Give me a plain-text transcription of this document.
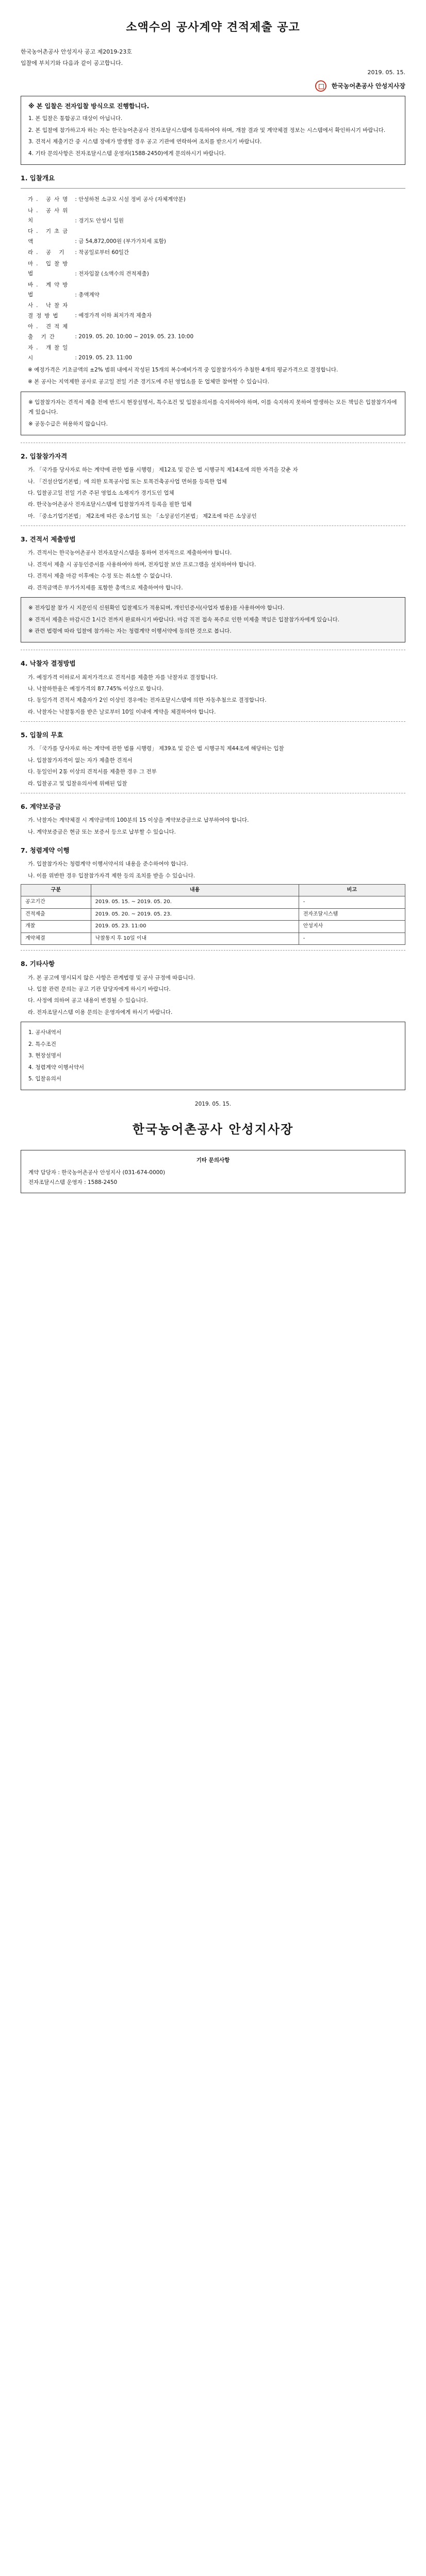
소액수의 공사계약 견적제출 공고

한국농어촌공사 안성지사 공고 제2019-23호

입찰에 부치기와 다음과 같이 공고합니다.

2019. 05. 15.
한국농어촌공사 안성지사장
※ 본 입찰은 전자입찰 방식으로 진행합니다.

1. 본 입찰은 통합공고 대상이 아닙니다.

2. 본 입찰에 참가하고자 하는 자는 한국농어촌공사 전자조달시스템에 등록하여야 하며, 개찰 결과 및 계약체결 정보는 시스템에서 확인하시기 바랍니다.

3. 견적서 제출기간 중 시스템 장애가 발생할 경우 공고 기관에 연락하여 조치를 받으시기 바랍니다.

4. 기타 문의사항은 전자조달시스템 운영자(1588-2450)에게 문의하시기 바랍니다.

1. 입찰개요
가. 공사명 : 안성하천 소규모 시설 정비 공사 (자체계약분)
나. 공사위치	: 경기도 안성시 일원
다. 기초금액	: 금 54,872,000원 (부가가치세 포함)
라. 공 기 : 착공일로부터 60일간
마. 입찰방법	: 전자입찰 (소액수의 견적제출)
바. 계약방법	: 총액계약
사. 낙찰자 결정방법 : 예정가격 이하 최저가격 제출자
아. 견적제출 기간	: 2019. 05. 20. 10:00 ~ 2019. 05. 23. 10:00
자. 개찰일시	: 2019. 05. 23. 11:00

※ 예정가격은 기초금액의 ±2% 범위 내에서 작성된 15개의 복수예비가격 중 입찰참가자가 추첨한 4개의 평균가격으로 결정합니다.

※ 본 공사는 지역제한 공사로 공고일 전일 기준 경기도에 주된 영업소를 둔 업체만 참여할 수 있습니다.

※ 입찰참가자는 견적서 제출 전에 반드시 현장설명서, 특수조건 및 입찰유의서를 숙지하여야 하며, 이를 숙지하지 못하여 발생하는 모든 책임은 입찰참가자에게 있습니다.

※ 공동수급은 허용하지 않습니다.

2. 입찰참가자격

가. 「국가를 당사자로 하는 계약에 관한 법률 시행령」 제12조 및 같은 법 시행규칙 제14조에 의한 자격을 갖춘 자

나. 「건설산업기본법」에 의한 토목공사업 또는 토목건축공사업 면허를 등록한 업체

다. 입찰공고일 전일 기준 주된 영업소 소재지가 경기도인 업체

라. 한국농어촌공사 전자조달시스템에 입찰참가자격 등록을 필한 업체

마. 「중소기업기본법」 제2조에 따른 중소기업 또는 「소상공인기본법」 제2조에 따른 소상공인

3. 견적서 제출방법

가. 견적서는 한국농어촌공사 전자조달시스템을 통하여 전자적으로 제출하여야 합니다.

나. 견적서 제출 시 공동인증서를 사용하여야 하며, 전자입찰 보안 프로그램을 설치하여야 합니다.

다. 견적서 제출 마감 이후에는 수정 또는 취소할 수 없습니다.

라. 견적금액은 부가가치세를 포함한 총액으로 제출하여야 합니다.

※ 전자입찰 참가 시 지문인식 신원확인 입찰제도가 적용되며, 개인인증서(사업자 범용)를 사용하여야 합니다.

※ 견적서 제출은 마감시간 1시간 전까지 완료하시기 바랍니다. 마감 직전 접속 폭주로 인한 미제출 책임은 입찰참가자에게 있습니다.

※ 관련 법령에 따라 입찰에 참가하는 자는 청렴계약 이행서약에 동의한 것으로 봅니다.

4. 낙찰자 결정방법

가. 예정가격 이하로서 최저가격으로 견적서를 제출한 자를 낙찰자로 결정합니다.

나. 낙찰하한율은 예정가격의 87.745% 이상으로 합니다.

다. 동일가격 견적서 제출자가 2인 이상인 경우에는 전자조달시스템에 의한 자동추첨으로 결정합니다.

라. 낙찰자는 낙찰통지를 받은 날로부터 10일 이내에 계약을 체결하여야 합니다.

5. 입찰의 무효

가. 「국가를 당사자로 하는 계약에 관한 법률 시행령」 제39조 및 같은 법 시행규칙 제44조에 해당하는 입찰

나. 입찰참가자격이 없는 자가 제출한 견적서

다. 동일인이 2통 이상의 견적서를 제출한 경우 그 전부

라. 입찰공고 및 입찰유의서에 위배된 입찰

6. 계약보증금

가. 낙찰자는 계약체결 시 계약금액의 100분의 15 이상을 계약보증금으로 납부하여야 합니다.

나. 계약보증금은 현금 또는 보증서 등으로 납부할 수 있습니다.

7. 청렴계약 이행

가. 입찰참가자는 청렴계약 이행서약서의 내용을 준수하여야 합니다.

나. 이를 위반한 경우 입찰참가자격 제한 등의 조치를 받을 수 있습니다.

구분	내용	비고
공고기간	2019. 05. 15. ~ 2019. 05. 20.	-
견적제출	2019. 05. 20. ~ 2019. 05. 23.	전자조달시스템
개찰	2019. 05. 23. 11:00	안성지사
계약체결	낙찰통지 후 10일 이내	-
8. 기타사항

가. 본 공고에 명시되지 않은 사항은 관계법령 및 공사 규정에 따릅니다.

나. 입찰 관련 문의는 공고 기관 담당자에게 하시기 바랍니다.

다. 사정에 의하여 공고 내용이 변경될 수 있습니다.

라. 전자조달시스템 이용 문의는 운영자에게 하시기 바랍니다.

1. 공사내역서

2. 특수조건

3. 현장설명서

4. 청렴계약 이행서약서

5. 입찰유의서

2019. 05. 15.
한국농어촌공사 안성지사장
기타 문의사항

계약 담당자 : 한국농어촌공사 안성지사 (031-674-0000)

전자조달시스템 운영자 : 1588-2450
